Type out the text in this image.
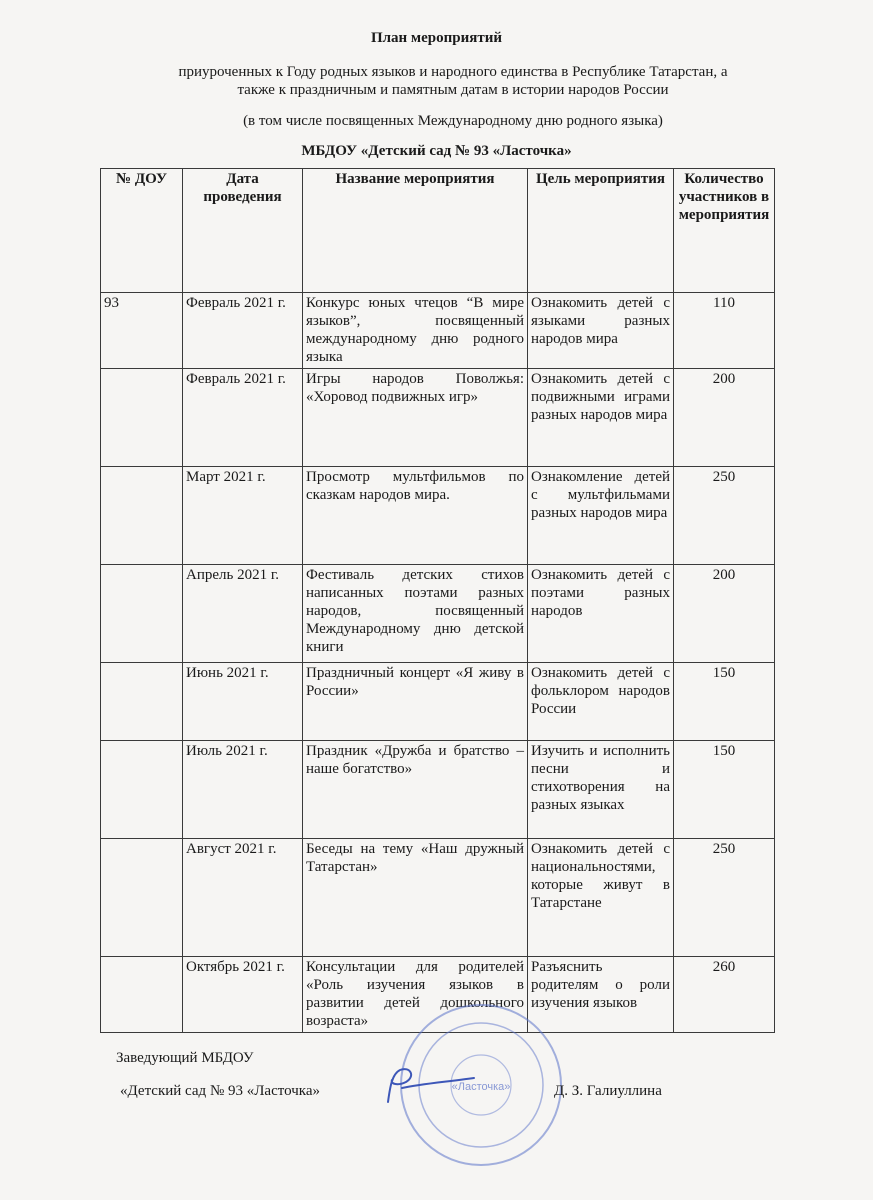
План мероприятий
приуроченных к Году родных языков и народного единства в Республике Татарстан, а
также к праздничным и памятным датам в истории народов России
(в том числе посвященных Международному дню родного языка)
МБДОУ «Детский сад № 93 «Ласточка»
№ ДОУ	Дата проведения	Название мероприятия	Цель мероприятия	Количество участников в мероприятия
93	Февраль 2021 г.	Конкурс юных чтецов “В мире языков”, посвященный международному дню родного языка	Ознакомить детей с языками разных народов мира	110
	Февраль 2021 г.	Игры народов Поволжья: «Хоровод подвижных игр»	Ознакомить детей с подвижными играми разных народов мира	200
	Март 2021 г.	Просмотр мультфильмов по сказкам народов мира.	Ознакомление детей с мультфильмами разных народов мира	250
	Апрель 2021 г.	Фестиваль детских стихов написанных поэтами разных народов, посвященный Международному дню детской книги	Ознакомить детей с поэтами разных народов	200
	Июнь 2021 г.	Праздничный концерт «Я живу в России»	Ознакомить детей с фольклором народов России	150
	Июль 2021 г.	Праздник «Дружба и братство – наше богатство»	Изучить и исполнить песни и стихотворения на разных языках	150
	Август 2021 г.	Беседы на тему «Наш дружный Татарстан»	Ознакомить детей с национальностями, которые живут в Татарстане	250
	Октябрь 2021 г.	Консультации для родителей «Роль изучения языков в развитии детей дошкольного возраста»	Разъяснить родителям о роли изучения языков	260
«Ласточка»
Заведующий МБДОУ
«Детский сад № 93 «Ласточка»	Д. З. Галиуллина
